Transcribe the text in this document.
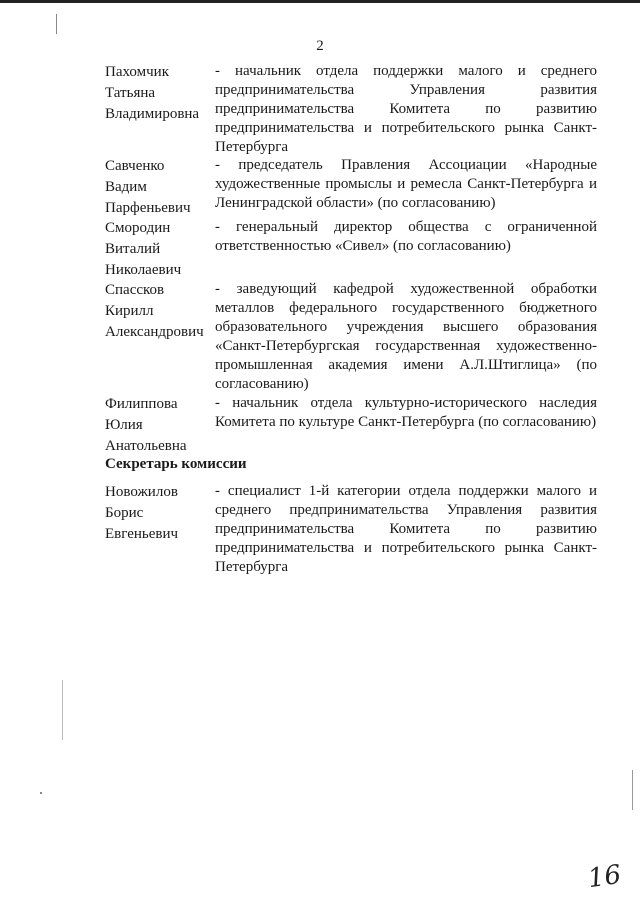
2
Пахомчик
Татьяна
Владимировна
- начальник отдела поддержки малого и среднего предпринимательства Управления развития предпринимательства Комитета по развитию предпринимательства и потребительского рынка Санкт-Петербурга
Савченко
Вадим
Парфеньевич
- председатель Правления Ассоциации «Народные художественные промыслы и ремесла Санкт-Петербурга и Ленинградской области» (по согласованию)
Смородин
Виталий
Николаевич
- генеральный директор общества с ограниченной ответственностью «Сивел» (по согласованию)
Спассков
Кирилл
Александрович
- заведующий кафедрой художественной обработки металлов федерального государственного бюджетного образовательного учреждения высшего образования «Санкт-Петербургская государственная художественно-промышленная академия имени А.Л.Штиглица» (по согласованию)
Филиппова
Юлия
Анатольевна
- начальник отдела культурно-исторического наследия Комитета по культуре Санкт-Петербурга (по согласованию)
Секретарь комиссии
Новожилов
Борис
Евгеньевич
- специалист 1-й категории отдела поддержки малого и среднего предпринимательства Управления развития предпринимательства Комитета по развитию предпринимательства и потребительского рынка Санкт-Петербурга
16
